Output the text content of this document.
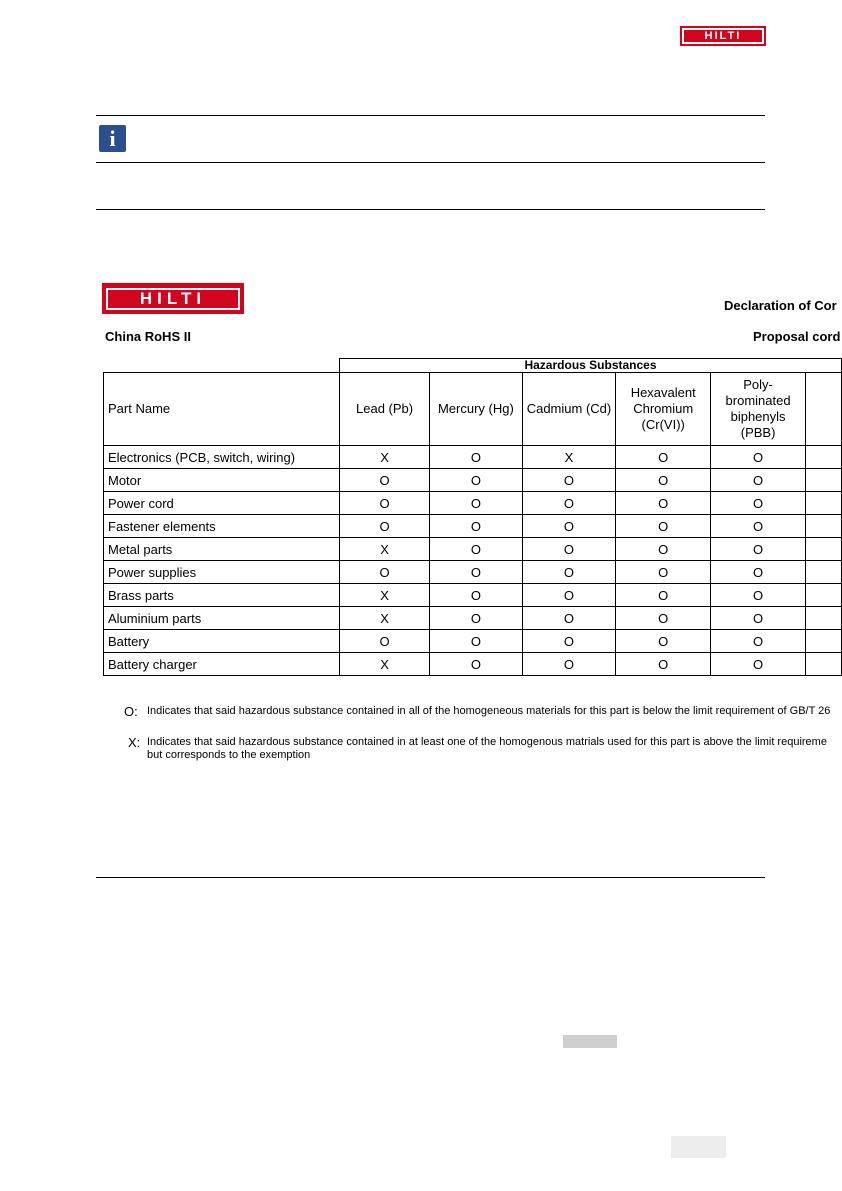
HILTI
i
HILTI	Declaration of Cor
China RoHS II	Proposal cord
	Hazardous Substances					
Part Name	Lead (Pb)	Mercury (Hg)	Cadmium (Cd)	Hexavalent Chromium (Cr(VI))	Poly-brominated biphenyls (PBB)	
Electronics (PCB, switch, wiring)	X	O	X	O	O	
Motor	O	O	O	O	O	
Power cord	O	O	O	O	O	
Fastener elements	O	O	O	O	O	
Metal parts	X	O	O	O	O	
Power supplies	O	O	O	O	O	
Brass parts	X	O	O	O	O	
Aluminium parts	X	O	O	O	O	
Battery	O	O	O	O	O	
Battery charger	X	O	O	O	O	
X: Indicates that said hazardous substance contained in at least one of the homogenous matrials used for this part is above the limit requireme
but corresponds to the exemption
O: Indicates that said hazardous substance contained in all of the homogeneous materials for this part is below the limit requirement of GB/T 26
